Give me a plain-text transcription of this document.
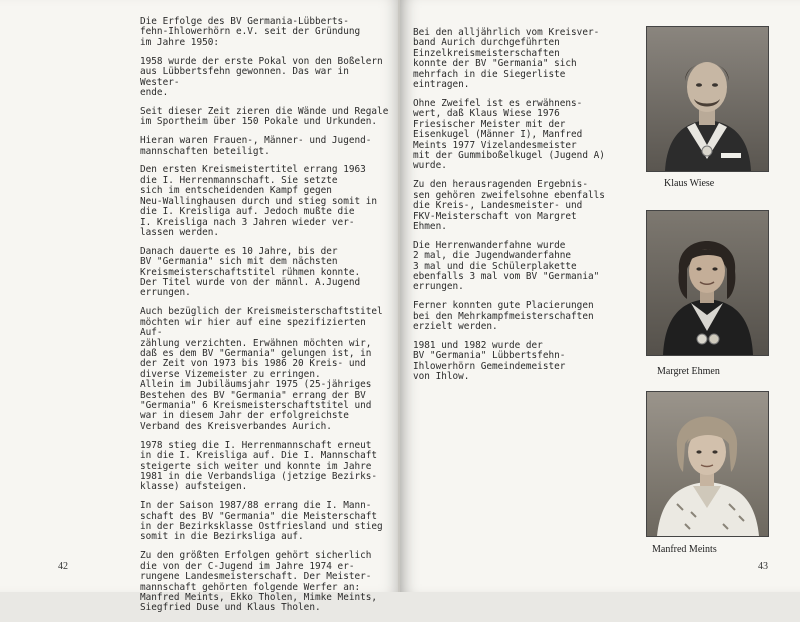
Die Erfolge des BV Germania-Lübberts-
fehn-Ihlowerhörn e.V. seit der Gründung
im Jahre 1950:

1958 wurde der erste Pokal von den Boßelern
aus Lübbertsfehn gewonnen. Das war in Wester-
ende.

Seit dieser Zeit zieren die Wände und Regale
im Sportheim über 150 Pokale und Urkunden.

Hieran waren Frauen-, Männer- und Jugend-
mannschaften beteiligt.

Den ersten Kreismeistertitel errang 1963
die I. Herrenmannschaft. Sie setzte
sich im entscheidenden Kampf gegen
Neu-Wallinghausen durch und stieg somit in
die I. Kreisliga auf. Jedoch mußte die
I. Kreisliga nach 3 Jahren wieder ver-
lassen werden.

Danach dauerte es 10 Jahre, bis der
BV "Germania" sich mit dem nächsten
Kreismeisterschaftstitel rühmen konnte.
Der Titel wurde von der männl. A.Jugend
errungen.

Auch bezüglich der Kreismeisterschaftstitel
möchten wir hier auf eine spezifizierten Auf-
zählung verzichten. Erwähnen möchten wir,
daß es dem BV "Germania" gelungen ist, in
der Zeit von 1973 bis 1986 20 Kreis- und
diverse Vizemeister zu erringen.
Allein im Jubiläumsjahr 1975 (25-jähriges
Bestehen des BV "Germania" errang der BV
"Germania" 6 Kreismeisterschaftstitel und
war in diesem Jahr der erfolgreichste
Verband des Kreisverbandes Aurich.

1978 stieg die I. Herrenmannschaft erneut
in die I. Kreisliga auf. Die I. Mannschaft
steigerte sich weiter und konnte im Jahre
1981 in die Verbandsliga (jetzige Bezirks-
klasse) aufsteigen.

In der Saison 1987/88 errang die I. Mann-
schaft des BV "Germania" die Meisterschaft
in der Bezirksklasse Ostfriesland und stieg
somit in die Bezirksliga auf.

Zu den größten Erfolgen gehört sicherlich
die von der C-Jugend im Jahre 1974 er-
rungene Landesmeisterschaft. Der Meister-
mannschaft gehörten folgende Werfer an:
Manfred Meints, Ekko Tholen, Mimke Meints,
Siegfried Duse und Klaus Tholen.

42

Bei den alljährlich vom Kreisver-
band Aurich durchgeführten
Einzelkreismeisterschaften
konnte der BV "Germania" sich
mehrfach in die Siegerliste
eintragen.

Ohne Zweifel ist es erwähnens-
wert, daß Klaus Wiese 1976
Friesischer Meister mit der
Eisenkugel (Männer I), Manfred
Meints 1977 Vizelandesmeister
mit der Gummiboßelkugel (Jugend A)
wurde.

Zu den herausragenden Ergebnis-
sen gehören zweifelsohne ebenfalls
die Kreis-, Landesmeister- und
FKV-Meisterschaft von Margret
Ehmen.

Die Herrenwanderfahne wurde
2 mal, die Jugendwanderfahne
3 mal und die Schülerplakette
ebenfalls 3 mal vom BV "Germania"
errungen.

Ferner konnten gute Placierungen
bei den Mehrkampfmeisterschaften
erzielt werden.

1981 und 1982 wurde der
BV "Germania" Lübbertsfehn-
Ihlowerhörn Gemeindemeister
von Ihlow.

Klaus Wiese
Margret Ehmen
Manfred Meints
43
